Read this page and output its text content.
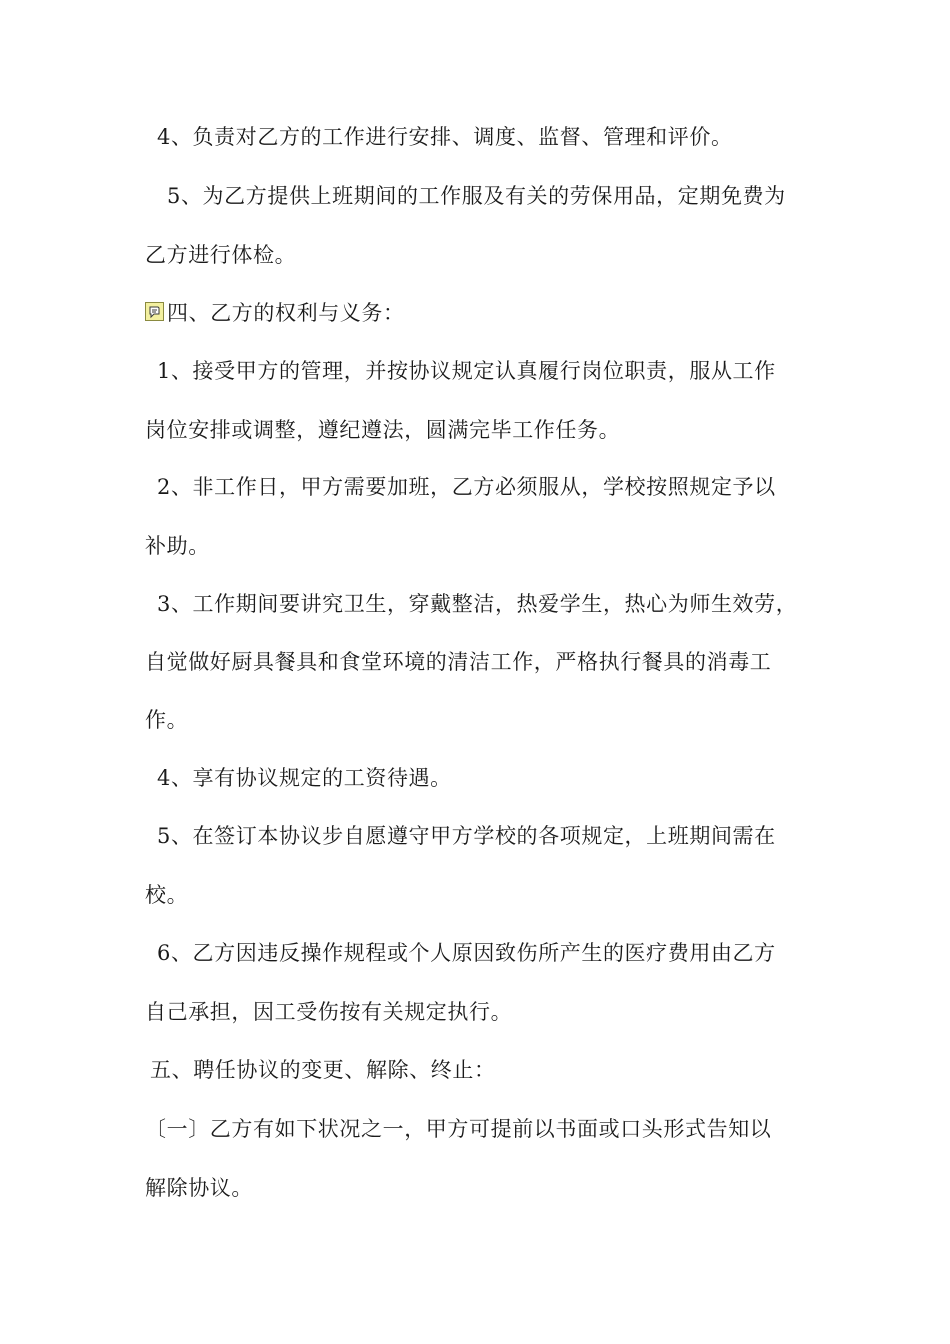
4、负责对乙方的工作进行安排、调度、监督、管理和评价。
5、为乙方提供上班期间的工作服及有关的劳保用品，定期免费为
乙方进行体检。
四、乙方的权利与义务：
1、接受甲方的管理，并按协议规定认真履行岗位职责，服从工作
岗位安排或调整，遵纪遵法，圆满完毕工作任务。
2、非工作日，甲方需要加班，乙方必须服从，学校按照规定予以
补助。
3、工作期间要讲究卫生，穿戴整洁，热爱学生，热心为师生效劳，
自觉做好厨具餐具和食堂环境的清洁工作，严格执行餐具的消毒工
作。
4、享有协议规定的工资待遇。
5、在签订本协议步自愿遵守甲方学校的各项规定，上班期间需在
校。
6、乙方因违反操作规程或个人原因致伤所产生的医疗费用由乙方
自己承担，因工受伤按有关规定执行。
五、聘任协议的变更、解除、终止：
〔一〕乙方有如下状况之一，甲方可提前以书面或口头形式告知以
解除协议。
